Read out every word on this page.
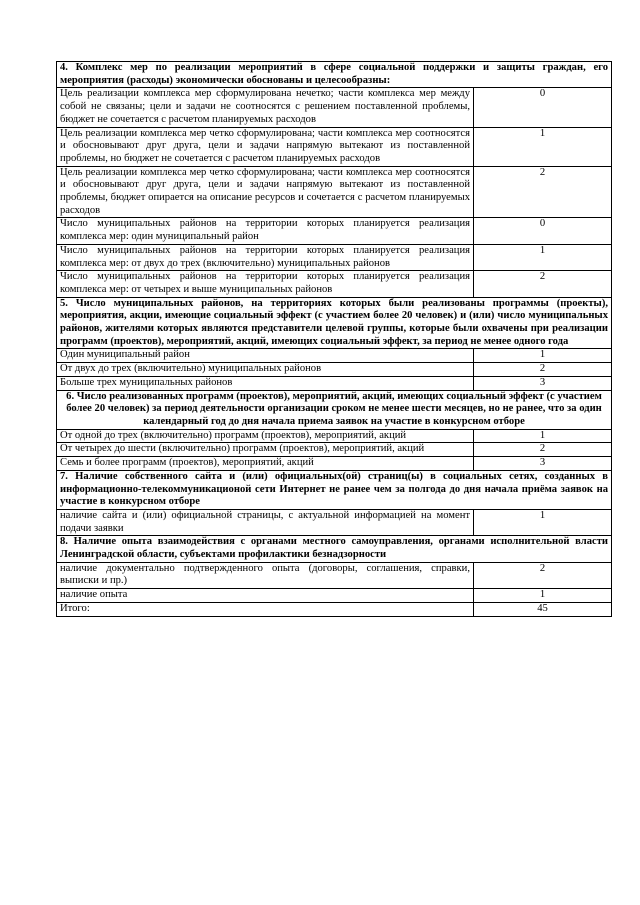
4. Комплекс мер по реализации мероприятий в сфере социальной поддержки и защиты граждан, его мероприятия (расходы) экономически обоснованы и целесообразны:	
Цель реализации комплекса мер сформулирована нечетко; части комплекса мер между собой не связаны; цели и задачи не соотносятся с решением поставленной проблемы, бюджет не сочетается с расчетом планируемых расходов	0
Цель реализации комплекса мер четко сформулирована; части комплекса мер соотносятся и обосновывают друг друга, цели и задачи напрямую вытекают из поставленной проблемы, но бюджет не сочетается с расчетом планируемых расходов	1
Цель реализации комплекса мер четко сформулирована; части комплекса мер соотносятся и обосновывают друг друга, цели и задачи напрямую вытекают из поставленной проблемы, бюджет опирается на описание ресурсов и сочетается с расчетом планируемых расходов	2
Число муниципальных районов на территории которых планируется реализация комплекса мер: один муниципальный район	0
Число муниципальных районов на территории которых планируется реализация комплекса мер: от двух до трех (включительно) муниципальных районов	1
Число муниципальных районов на территории которых планируется реализация комплекса мер: от четырех и выше муниципальных районов	2
5. Число муниципальных районов, на территориях которых были реализованы программы (проекты), мероприятия, акции, имеющие социальный эффект (с участием более 20 человек) и (или) число муниципальных районов, жителями которых являются представители целевой группы, которые были охвачены при реализации программ (проектов), мероприятий, акций, имеющих социальный эффект, за период не менее одного года	
Один муниципальный район	1
От двух до трех (включительно) муниципальных районов	2
Больше трех муниципальных районов	3
6. Число реализованных программ (проектов), мероприятий, акций, имеющих социальный эффект (с участием более 20 человек) за период деятельности организации сроком не менее шести месяцев, но не ранее, что за один календарный год до дня начала приема заявок на участие в конкурсном отборе	
От одной до трех (включительно) программ (проектов), мероприятий, акций	1
От четырех до шести (включительно) программ (проектов), мероприятий, акций	2
Семь и более программ (проектов), мероприятий, акций	3
7. Наличие собственного сайта и (или) официальных(ой) страниц(ы) в социальных сетях, созданных в информационно-телекоммуникационой сети Интернет не ранее чем за полгода до дня начала приёма заявок на участие в конкурсном отборе	
наличие сайта и (или) официальной страницы, с актуальной информацией на момент подачи заявки	1
8. Наличие опыта взаимодействия с органами местного самоуправления, органами исполнительной власти Ленинградской области, субъектами профилактики безнадзорности	
наличие документально подтвержденного опыта (договоры, соглашения, справки, выписки и пр.)	2
наличие опыта	1
Итого:	45
